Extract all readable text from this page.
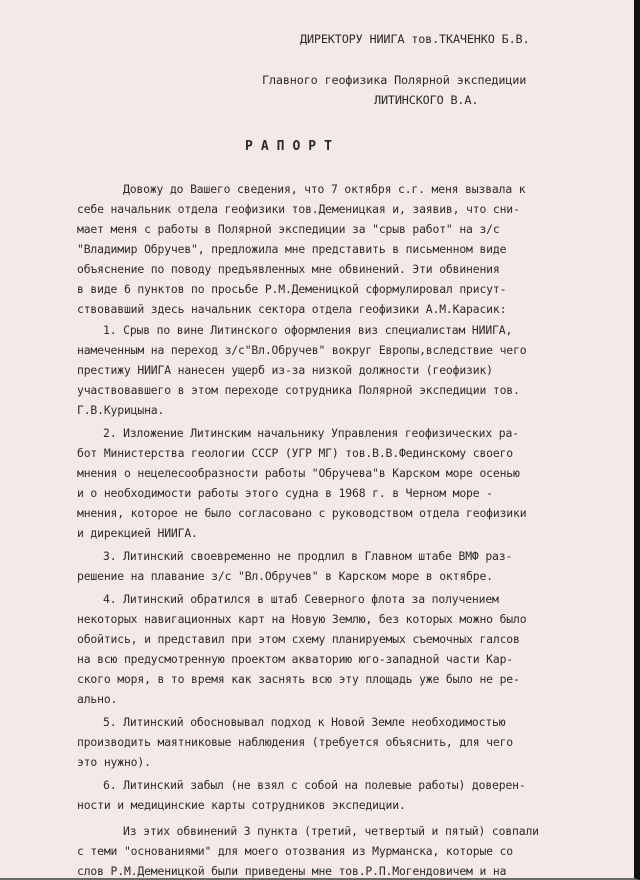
ДИРЕКТОРУ НИИГА тов.ТКАЧЕНКО Б.В.
Главного геофизика Полярной экспедиции
ЛИТИНСКОГО В.А.
РАПОРТ
Довожу до Вашего сведения, что 7 октября с.г. меня вызвала к
себе начальник отдела геофизики тов.Деменицкая и, заявив, что сни-
мает меня с работы в Полярной экспедиции за "срыв работ" на з/с
"Владимир Обручев", предложила мне представить в письменном виде
объяснение по поводу предъявленных мне обвинений. Эти обвинения
в виде 6 пунктов по просьбе Р.М.Деменицкой сформулировал присут-
ствовавший здесь начальник сектора отдела геофизики А.М.Карасик:
1. Срыв по вине Литинского оформления виз специалистам НИИГА,
намеченным на переход з/с"Вл.Обручев" вокруг Европы,вследствие чего
престижу НИИГА нанесен ущерб из-за низкой должности (геофизик)
участвовавшего в этом переходе сотрудника Полярной экспедиции тов.
Г.В.Курицына.
2. Изложение Литинским начальнику Управления геофизических ра-
бот Министерства геологии СССР (УГР МГ) тов.В.В.Фединскому своего
мнения о нецелесообразности работы "Обручева"в Карском море осенью
и о необходимости работы этого судна в 1968 г. в Черном море -
мнения, которое не было согласовано с руководством отдела геофизики
и дирекцией НИИГА.
3. Литинский своевременно не продлил в Главном штабе ВМФ раз-
решение на плавание з/с "Вл.Обручев" в Карском море в октябре.
4. Литинский обратился в штаб Северного флота за получением
некоторых навигационных карт на Новую Землю, без которых можно было
обойтись, и представил при этом схему планируемых съемочных галсов
на всю предусмотренную проектом акваторию юго-западной части Кар-
ского моря, в то время как заснять всю эту площадь уже было не ре-
ально.
5. Литинский обосновывал подход к Новой Земле необходимостью
производить маятниковые наблюдения (требуется объяснить, для чего
это нужно).
6. Литинский забыл (не взял с собой на полевые работы) доверен-
ности и медицинские карты сотрудников экспедиции.
Из этих обвинений 3 пункта (третий, четвертый и пятый) совпали
с теми "основаниями" для моего отозвания из Мурманска, которые со
слов Р.М.Деменицкой были приведены мне тов.Р.П.Могендовичем и на
